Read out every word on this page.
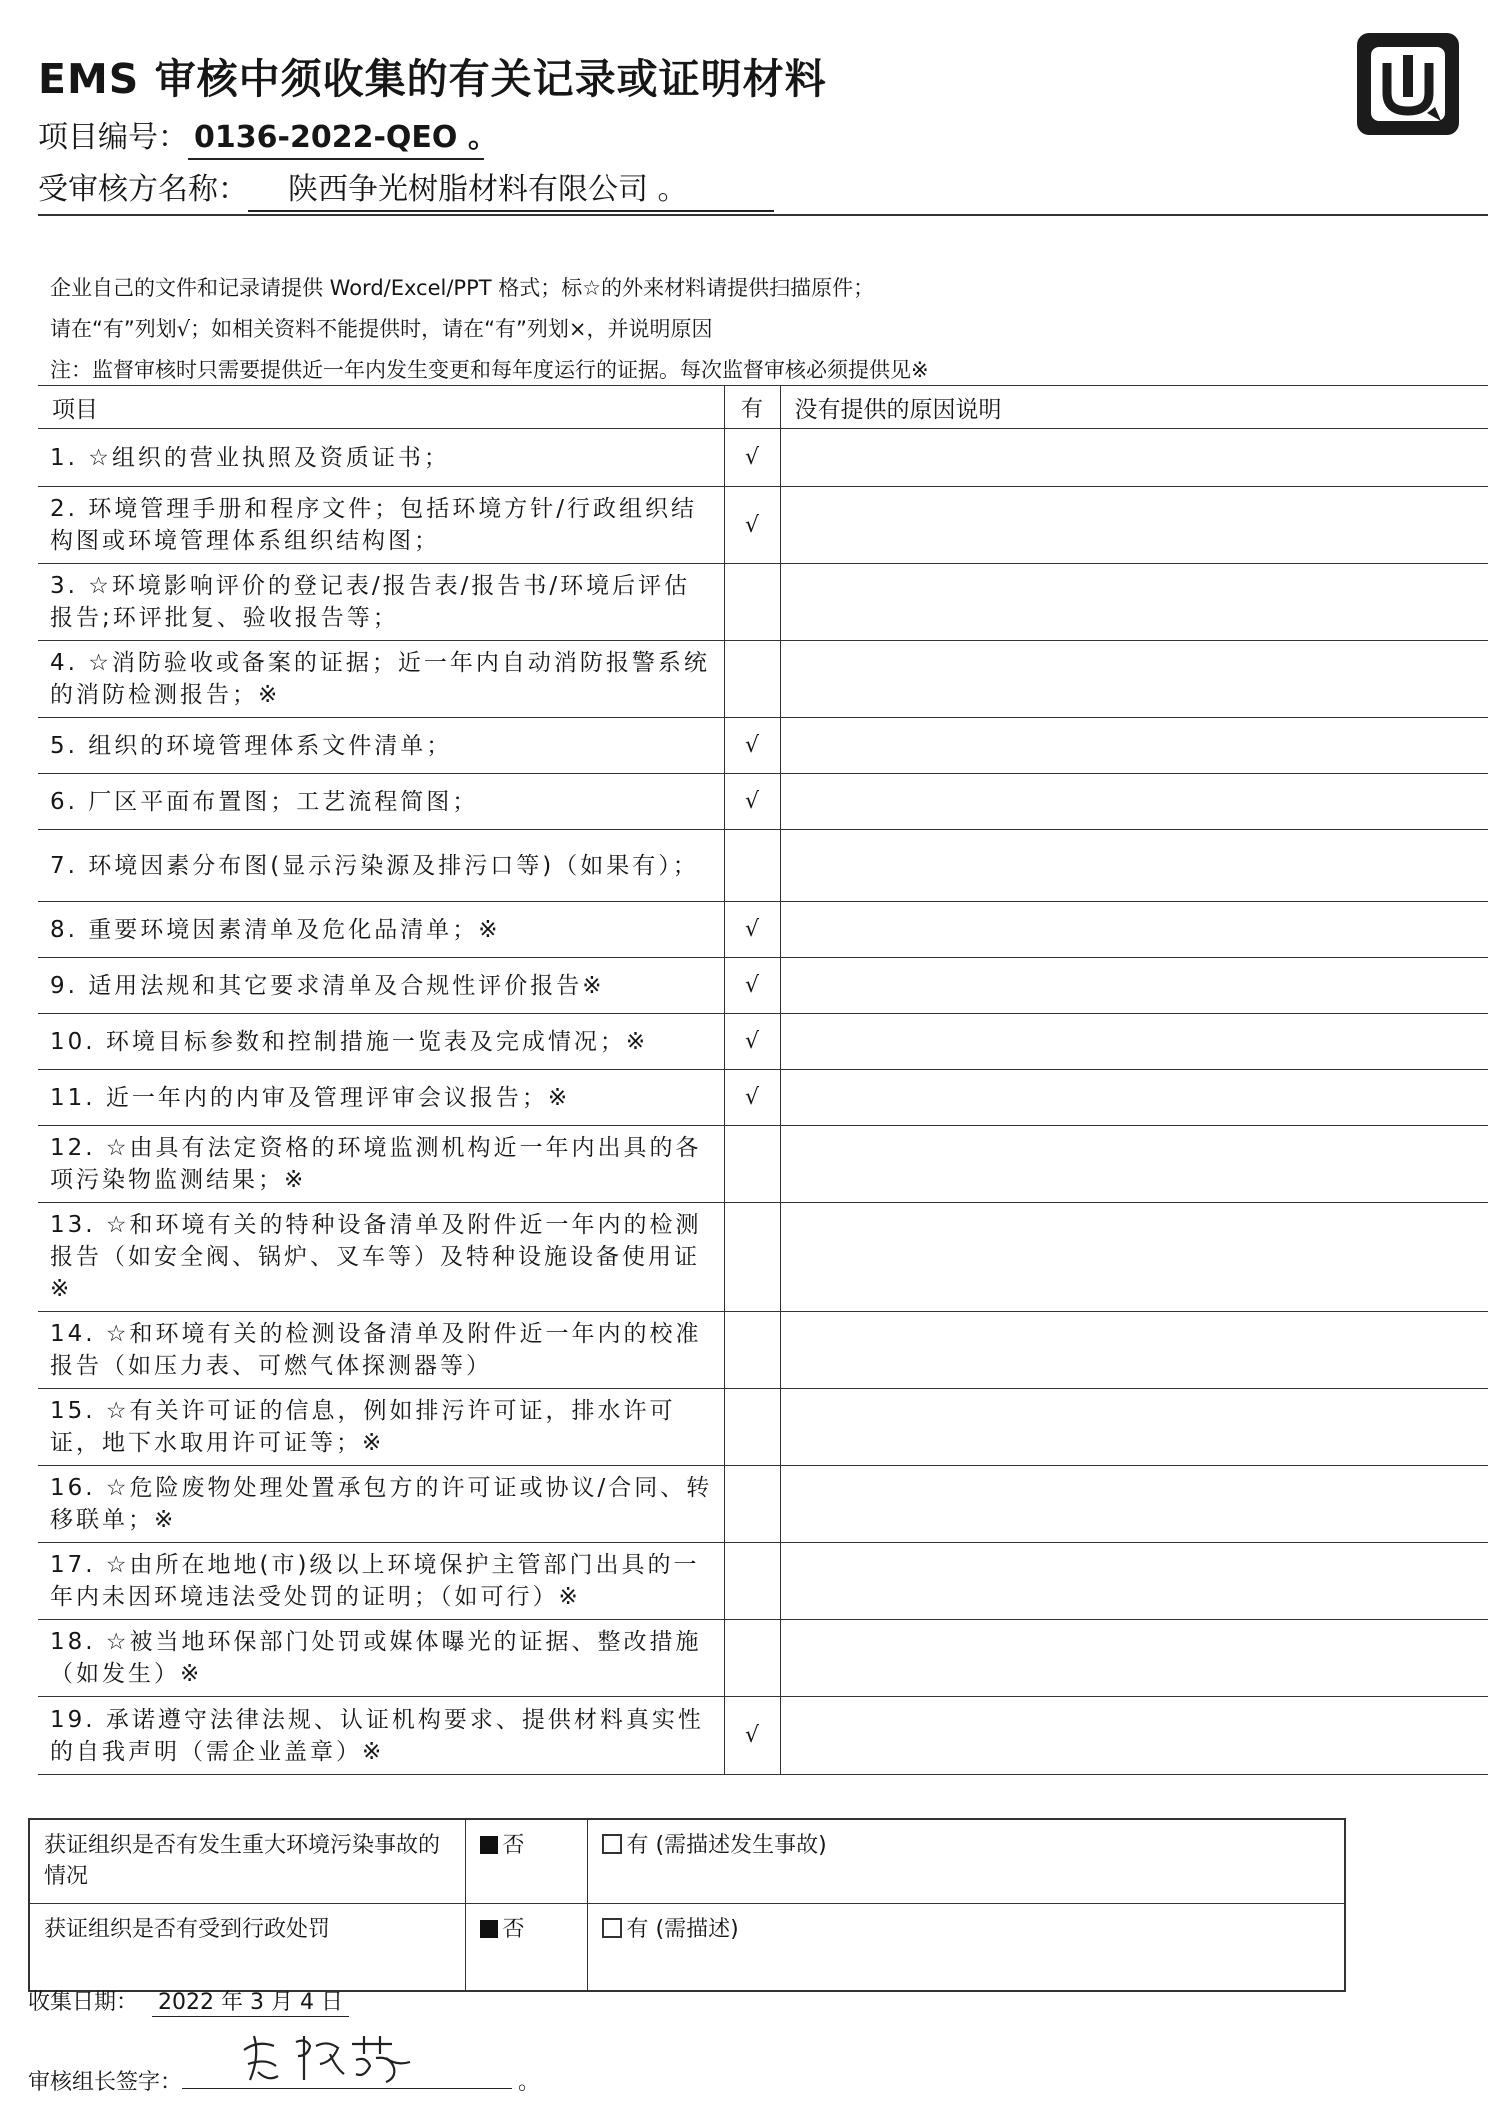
EMS 审核中须收集的有关记录或证明材料
项目编号： 0136-2022-QEO 。
受审核方名称：	陕西争光树脂材料有限公司 。
企业自己的文件和记录请提供 Word/Excel/PPT 格式；标☆的外来材料请提供扫描原件；
请在“有”列划√；如相关资料不能提供时，请在“有”列划×，并说明原因
注：监督审核时只需要提供近一年内发生变更和每年度运行的证据。每次监督审核必须提供见※
项目	有	没有提供的原因说明
1. ☆组织的营业执照及资质证书；	√	
2. 环境管理手册和程序文件；包括环境方针/行政组织结构图或环境管理体系组织结构图；	√	
3. ☆环境影响评价的登记表/报告表/报告书/环境后评估报告;环评批复、验收报告等；		
4. ☆消防验收或备案的证据；近一年内自动消防报警系统的消防检测报告；※		
5. 组织的环境管理体系文件清单；	√	
6. 厂区平面布置图；工艺流程简图；	√	
7. 环境因素分布图(显示污染源及排污口等)（如果有）；		
8. 重要环境因素清单及危化品清单；※	√	
9. 适用法规和其它要求清单及合规性评价报告※	√	
10. 环境目标参数和控制措施一览表及完成情况；※	√	
11. 近一年内的内审及管理评审会议报告；※	√	
12. ☆由具有法定资格的环境监测机构近一年内出具的各项污染物监测结果；※		
13. ☆和环境有关的特种设备清单及附件近一年内的检测报告（如安全阀、锅炉、叉车等）及特种设施设备使用证※		
14. ☆和环境有关的检测设备清单及附件近一年内的校准报告（如压力表、可燃气体探测器等）		
15. ☆有关许可证的信息，例如排污许可证，排水许可证，地下水取用许可证等；※		
16. ☆危险废物处理处置承包方的许可证或协议/合同、转移联单；※		
17. ☆由所在地地(市)级以上环境保护主管部门出具的一年内未因环境违法受处罚的证明；（如可行）※		
18. ☆被当地环保部门处罚或媒体曝光的证据、整改措施（如发生）※		
19. 承诺遵守法律法规、认证机构要求、提供材料真实性的自我声明（需企业盖章）※	√	
获证组织是否有发生重大环境污染事故的情况	否	有 (需描述发生事故)
获证组织是否有受到行政处罚	否	有 (需描述)
收集日期： 2022 年 3 月 4 日
审核组长签字：	。
